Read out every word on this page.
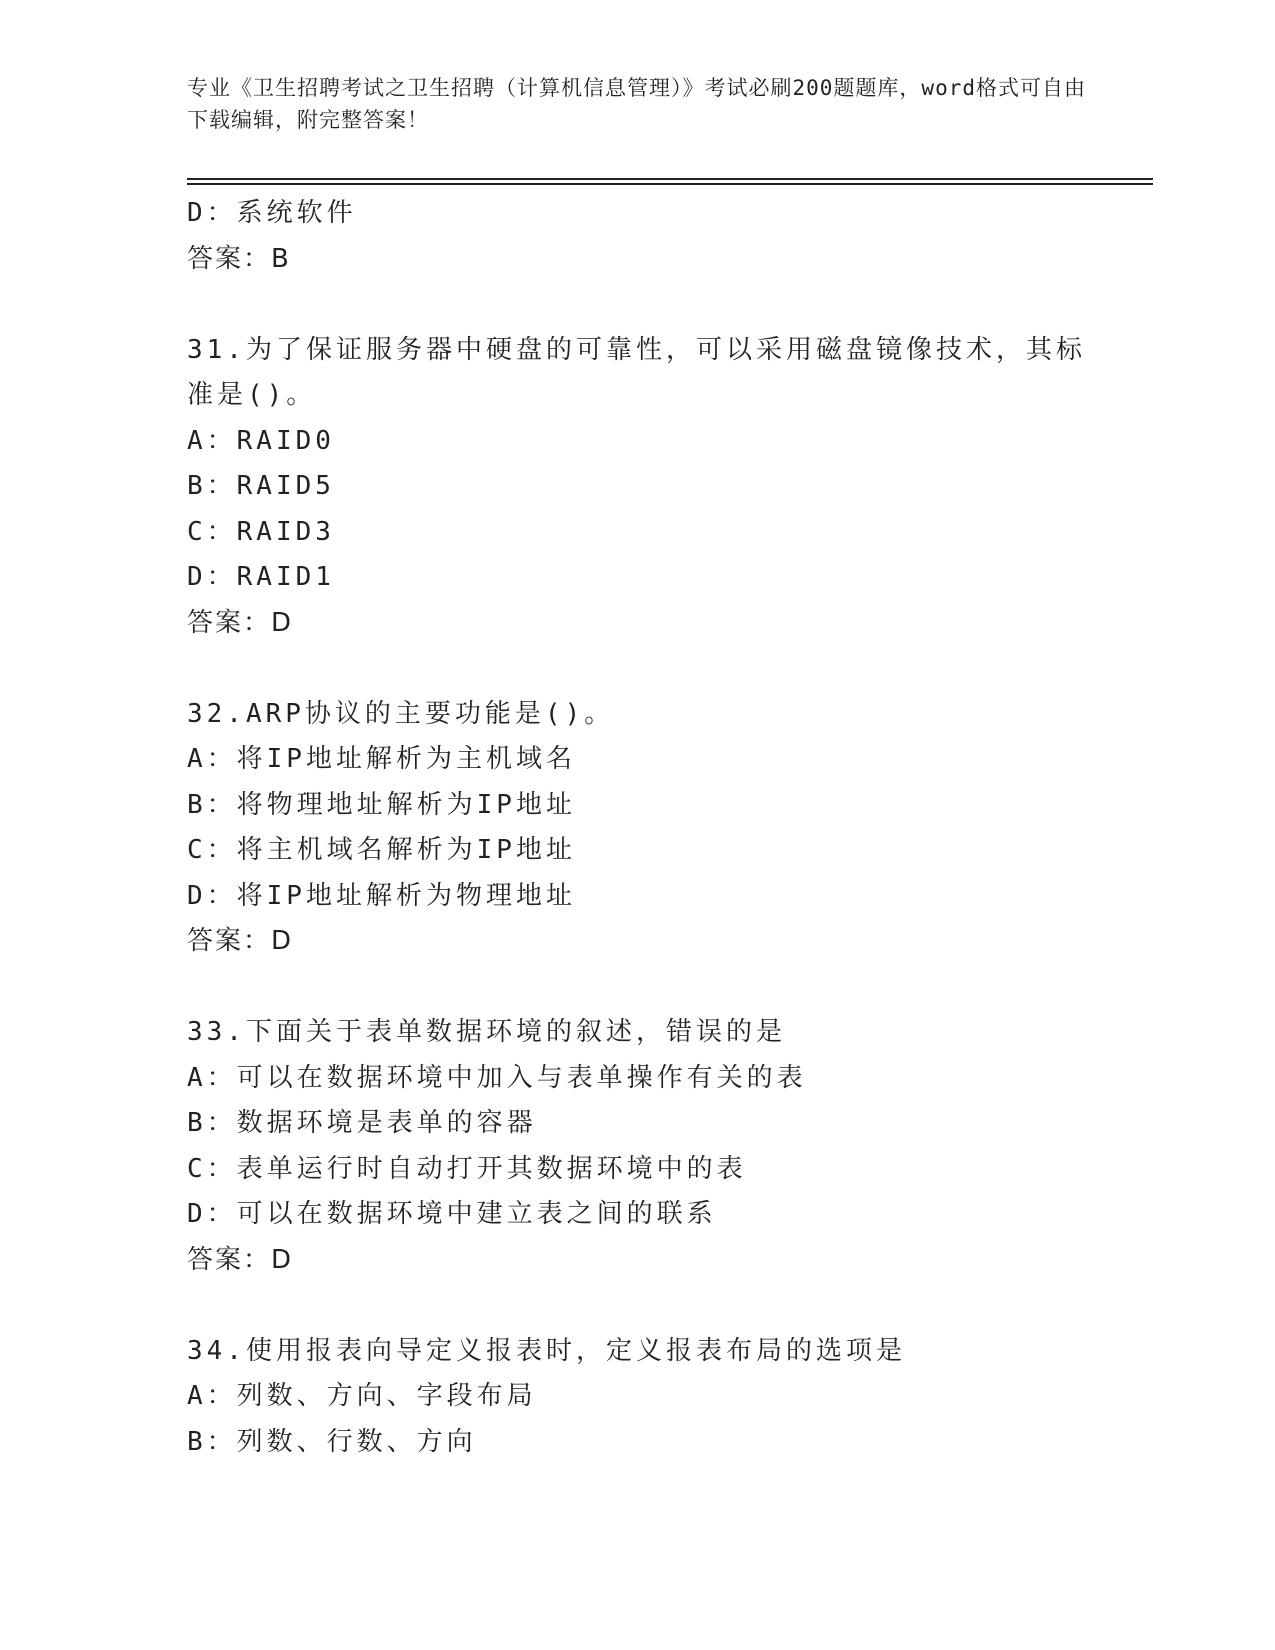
专业《卫生招聘考试之卫生招聘（计算机信息管理）》考试必刷200题题库，word格式可自由下载编辑，附完整答案！
D：系统软件
答案：B
31.为了保证服务器中硬盘的可靠性，可以采用磁盘镜像技术，其标准是()。
A：RAID0
B：RAID5
C：RAID3
D：RAID1
答案：D
32.ARP协议的主要功能是()。
A：将IP地址解析为主机域名
B：将物理地址解析为IP地址
C：将主机域名解析为IP地址
D：将IP地址解析为物理地址
答案：D
33.下面关于表单数据环境的叙述，错误的是
A：可以在数据环境中加入与表单操作有关的表
B：数据环境是表单的容器
C：表单运行时自动打开其数据环境中的表
D：可以在数据环境中建立表之间的联系
答案：D
34.使用报表向导定义报表时，定义报表布局的选项是
A：列数、方向、字段布局
B：列数、行数、方向
